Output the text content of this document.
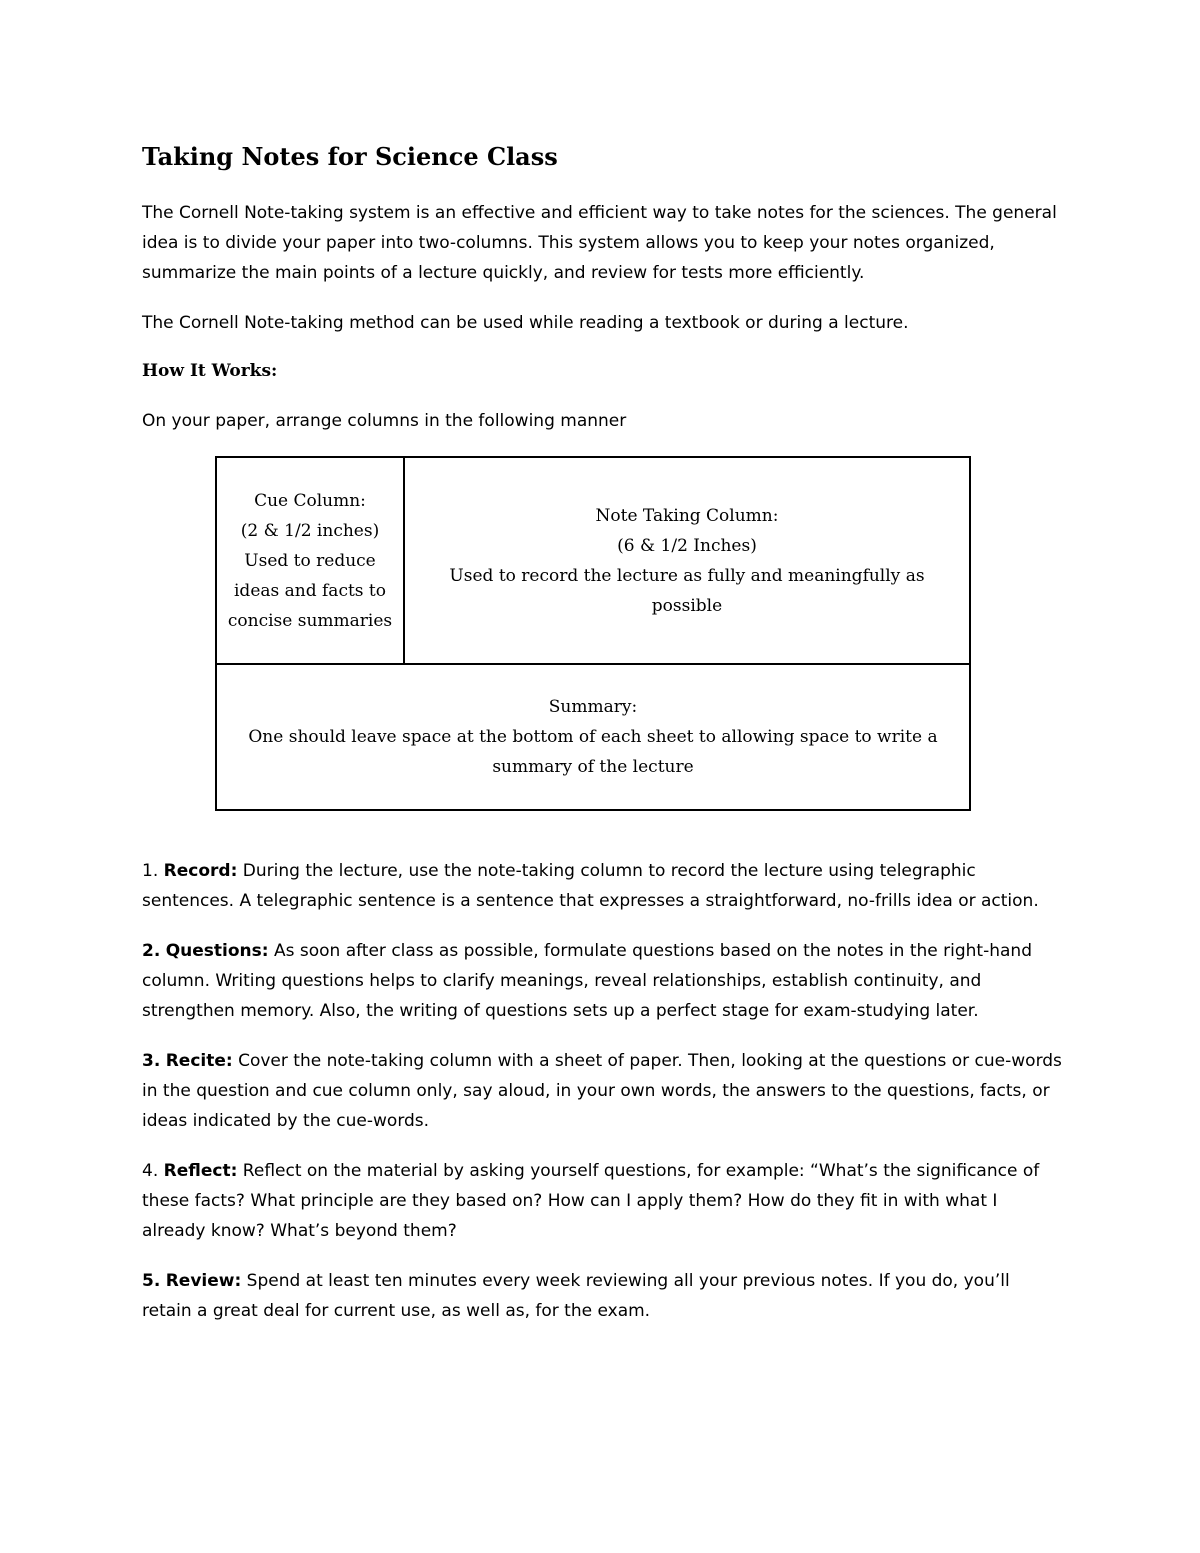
Taking Notes for Science Class

The Cornell Note-taking system is an effective and efficient way to take notes for the sciences. The general idea is to divide your paper into two-columns. This system allows you to keep your notes organized, summarize the main points of a lecture quickly, and review for tests more efficiently.

The Cornell Note-taking method can be used while reading a textbook or during a lecture.

How It Works:

On your paper, arrange columns in the following manner

1. Record: During the lecture, use the note-taking column to record the lecture using telegraphic sentences. A telegraphic sentence is a sentence that expresses a straightforward, no-frills idea or action.

2. Questions: As soon after class as possible, formulate questions based on the notes in the right-hand column. Writing questions helps to clarify meanings, reveal relationships, establish continuity, and strengthen memory. Also, the writing of questions sets up a perfect stage for exam-studying later.

3. Recite: Cover the note-taking column with a sheet of paper. Then, looking at the questions or cue-words in the question and cue column only, say aloud, in your own words, the answers to the questions, facts, or ideas indicated by the cue-words.

4. Reflect: Reflect on the material by asking yourself questions, for example: “What’s the significance of these facts? What principle are they based on? How can I apply them? How do they fit in with what I already know? What’s beyond them?

5. Review: Spend at least ten minutes every week reviewing all your previous notes. If you do, you’ll retain a great deal for current use, as well as, for the exam.

Cue Column:
(2 & 1/2 inches)
Used to reduce
ideas and facts to
concise summaries
Note Taking Column:
(6 & 1/2 Inches)
Used to record the lecture as fully and meaningfully as possible
Summary:
One should leave space at the bottom of each sheet to allowing space to write a
summary of the lecture
